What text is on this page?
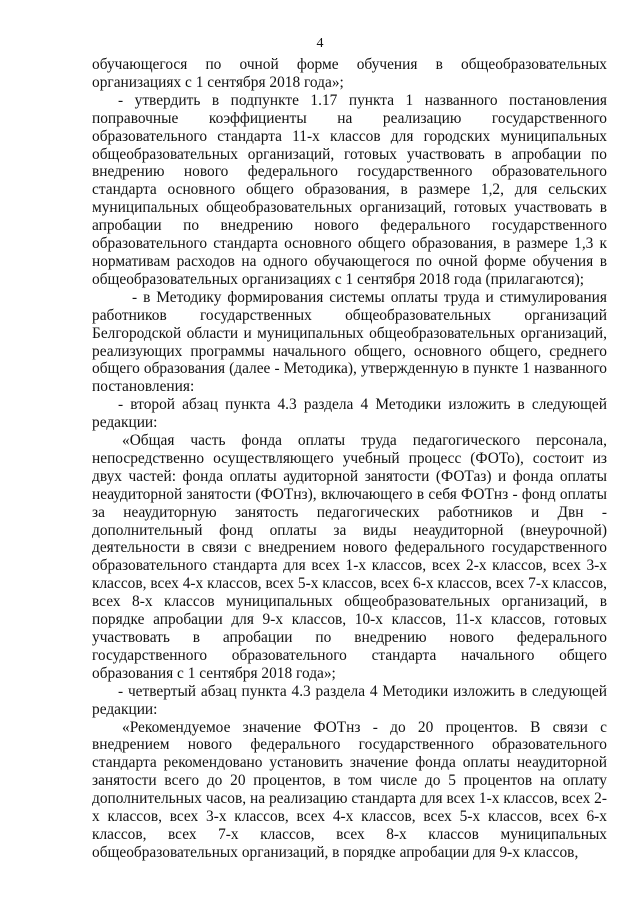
4

обучающегося по очной форме обучения в общеобразовательных организациях с 1 сентября 2018 года»;

- утвердить в подпункте 1.17 пункта 1 названного постановления поправочные коэффициенты на реализацию государственного образовательного стандарта 11-х классов для городских муниципальных общеобразовательных организаций, готовых участвовать в апробации по внедрению нового федерального государственного образовательного стандарта основного общего образования, в размере 1,2, для сельских муниципальных общеобразовательных организаций, готовых участвовать в апробации по внедрению нового федерального государственного образовательного стандарта основного общего образования, в размере 1,3 к нормативам расходов на одного обучающегося по очной форме обучения в общеобразовательных организациях с 1 сентября 2018 года (прилагаются);

- в Методику формирования системы оплаты труда и стимулирования работников государственных общеобразовательных организаций Белгородской области и муниципальных общеобразовательных организаций, реализующих программы начального общего, основного общего, среднего общего образования (далее - Методика), утвержденную в пункте 1 названного постановления:

- второй абзац пункта 4.3 раздела 4 Методики изложить в следующей редакции:

«Общая часть фонда оплаты труда педагогического персонала, непосредственно осуществляющего учебный процесс (ФОТо), состоит из двух частей: фонда оплаты аудиторной занятости (ФОТаз) и фонда оплаты неаудиторной занятости (ФОТнз), включающего в себя ФОТнз - фонд оплаты за неаудиторную занятость педагогических работников и Двн - дополнительный фонд оплаты за виды неаудиторной (внеурочной) деятельности в связи с внедрением нового федерального государственного образовательного стандарта для всех 1-х классов, всех 2-х классов, всех 3-х классов, всех 4-х классов, всех 5-х классов, всех 6-х классов, всех 7-х классов, всех 8-х классов муниципальных общеобразовательных организаций, в порядке апробации для 9-х классов, 10-х классов, 11-х классов, готовых участвовать в апробации по внедрению нового федерального государственного образовательного стандарта начального общего образования с 1 сентября 2018 года»;

- четвертый абзац пункта 4.3 раздела 4 Методики изложить в следующей редакции:

«Рекомендуемое значение ФОТнз - до 20 процентов. В связи с внедрением нового федерального государственного образовательного стандарта рекомендовано установить значение фонда оплаты неаудиторной занятости всего до 20 процентов, в том числе до 5 процентов на оплату дополнительных часов, на реализацию стандарта для всех 1-х классов, всех 2-х классов, всех 3-х классов, всех 4-х классов, всех 5-х классов, всех 6-х классов, всех 7-х классов, всех 8-х классов муниципальных общеобразовательных организаций, в порядке апробации для 9-х классов,
